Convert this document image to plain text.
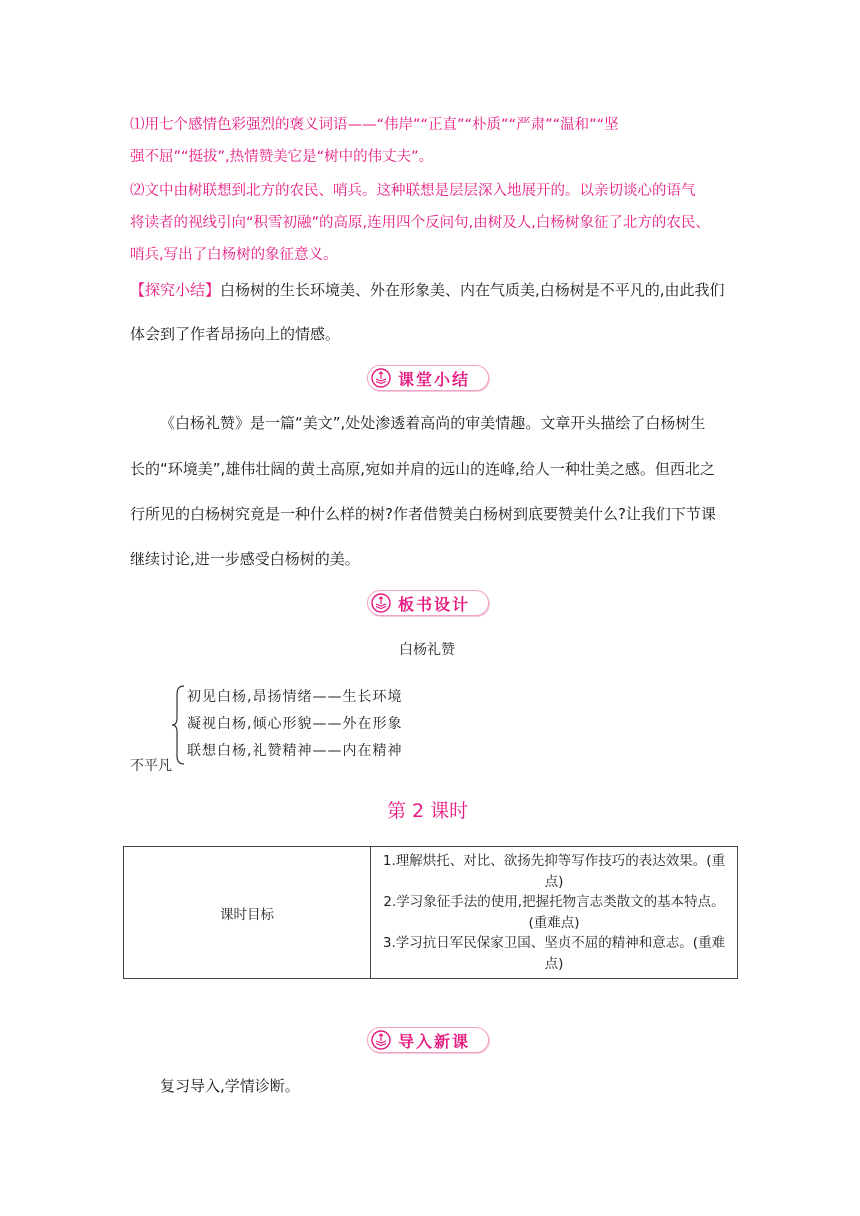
⑴用七个感情色彩强烈的褒义词语——“伟岸”“正直”“朴质”“严肃”“温和”“坚
强不屈”“挺拔”,热情赞美它是“树中的伟丈夫”。
⑵文中由树联想到北方的农民、哨兵。这种联想是层层深入地展开的。以亲切谈心的语气
将读者的视线引向“积雪初融”的高原,连用四个反问句,由树及人,白杨树象征了北方的农民、
哨兵,写出了白杨树的象征意义。
【探究小结】白杨树的生长环境美、外在形象美、内在气质美,白杨树是不平凡的,由此我们
体会到了作者昂扬向上的情感。
课堂小结
《白杨礼赞》是一篇“美文”,处处渗透着高尚的审美情趣。文章开头描绘了白杨树生
长的“环境美”,雄伟壮阔的黄土高原,宛如并肩的远山的连峰,给人一种壮美之感。但西北之
行所见的白杨树究竟是一种什么样的树?作者借赞美白杨树到底要赞美什么?让我们下节课
继续讨论,进一步感受白杨树的美。
板书设计
白杨礼赞
初见白杨,昂扬情绪——生长环境
凝视白杨,倾心形貌——外在形象
联想白杨,礼赞精神——内在精神
不平凡
第 2 课时
课时目标	
1.理解烘托、对比、欲扬先抑等写作技巧的表达效果。(重点)
2.学习象征手法的使用,把握托物言志类散文的基本特点。(重难点)
3.学习抗日军民保家卫国、坚贞不屈的精神和意志。(重难点)
导入新课
复习导入,学情诊断。
